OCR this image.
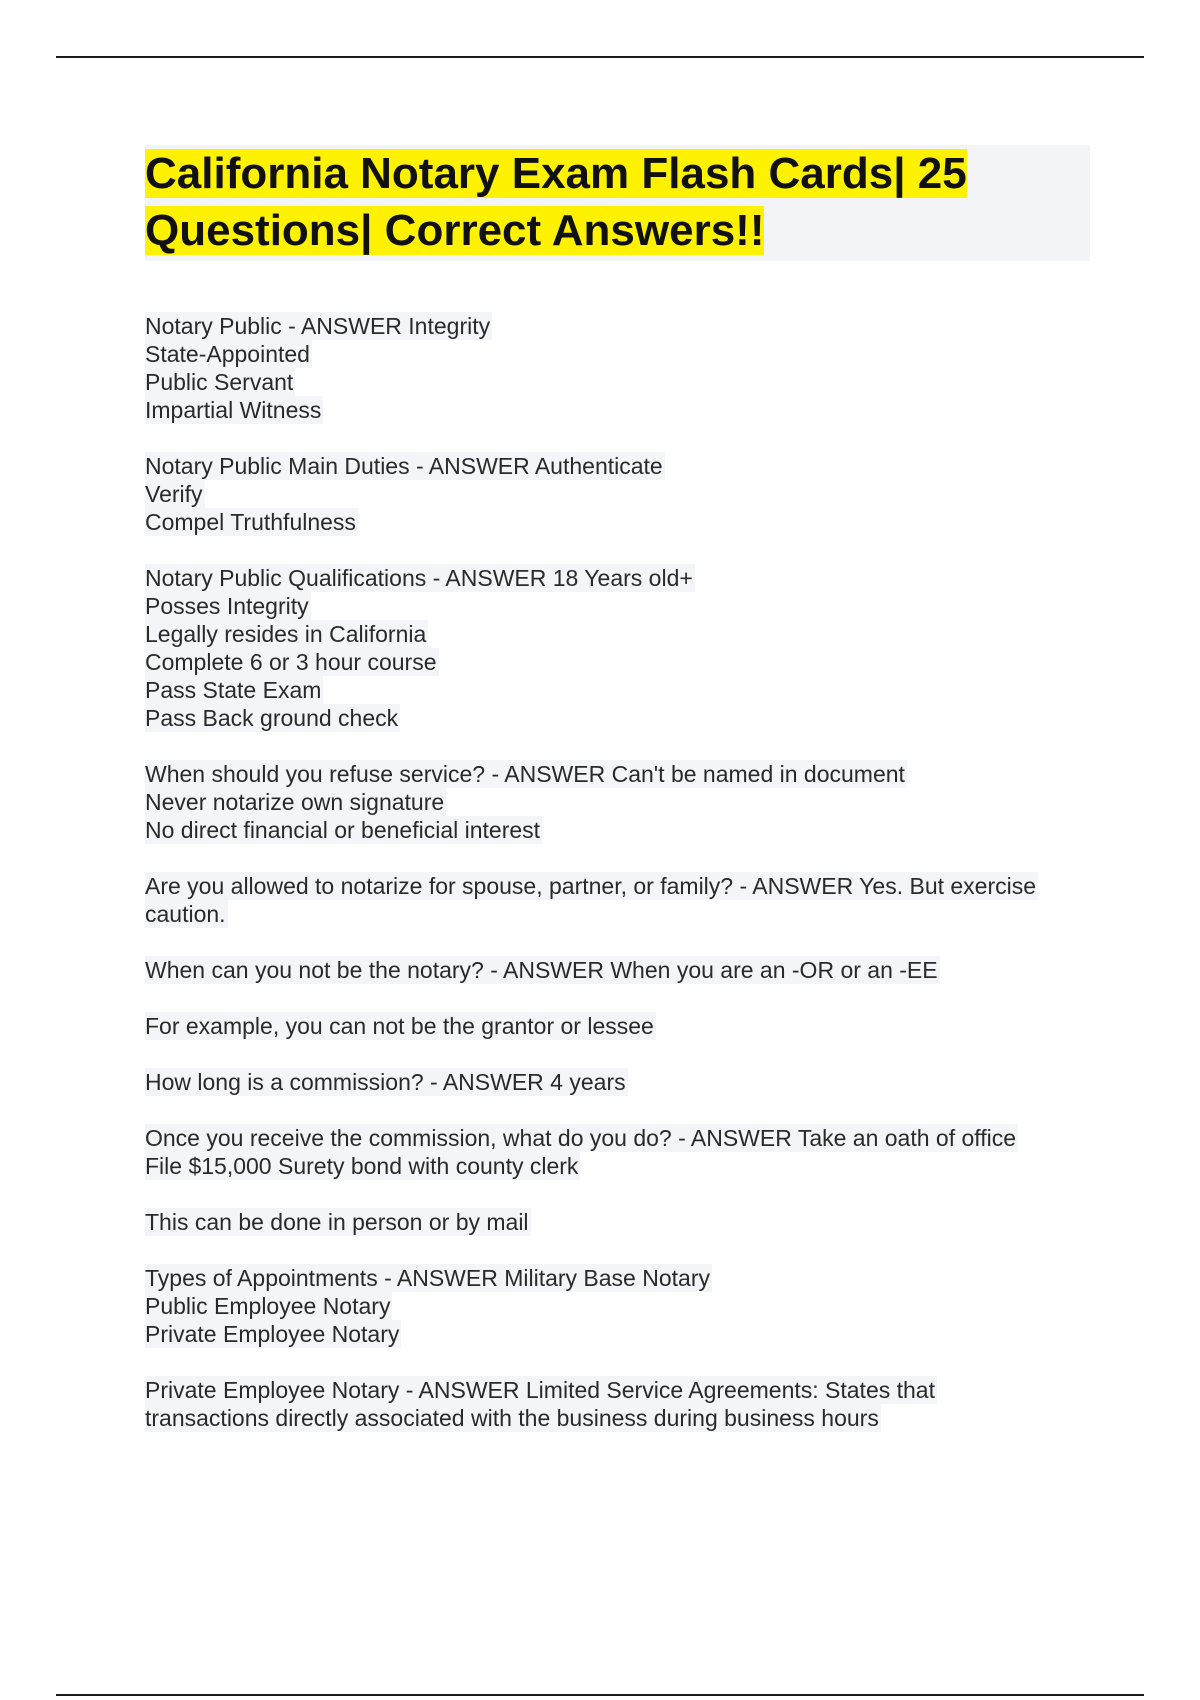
California Notary Exam Flash Cards| 25 Questions| Correct Answers!!
Notary Public - ANSWER Integrity
State-Appointed
Public Servant
Impartial Witness
Notary Public Main Duties - ANSWER Authenticate
Verify
Compel Truthfulness
Notary Public Qualifications - ANSWER 18 Years old+
Posses Integrity
Legally resides in California
Complete 6 or 3 hour course
Pass State Exam
Pass Back ground check
When should you refuse service? - ANSWER Can't be named in document
Never notarize own signature
No direct financial or beneficial interest
Are you allowed to notarize for spouse, partner, or family? - ANSWER Yes. But exercise
caution.
When can you not be the notary? - ANSWER When you are an -OR or an -EE
For example, you can not be the grantor or lessee
How long is a commission? - ANSWER 4 years
Once you receive the commission, what do you do? - ANSWER Take an oath of office
File $15,000 Surety bond with county clerk
This can be done in person or by mail
Types of Appointments - ANSWER Military Base Notary
Public Employee Notary
Private Employee Notary
Private Employee Notary - ANSWER Limited Service Agreements: States that
transactions directly associated with the business during business hours
